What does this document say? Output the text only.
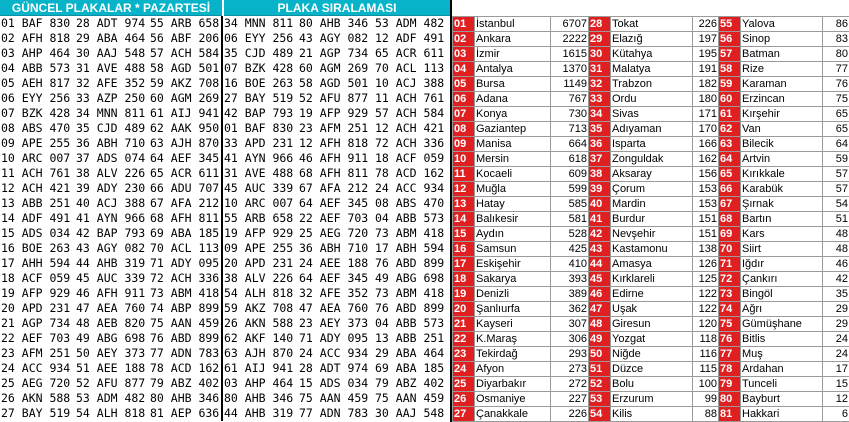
GÜNCEL PLAKALAR * PAZARTESİ	PLAKA SIRALAMASI
01 BAF 830	28 ADT 974	55 ARB 658	34 MNN 811	80 AHB 346	53 ADM 482
02 AFH 818	29 ABA 464	56 ABF 206	06 EYY 256	43 AGY 082	12 ADF 491
03 AHP 464	30 AAJ 548	57 ACH 584	35 CJD 489	21 AGP 734	65 ACR 611
04 ABB 573	31 AVE 488	58 AGD 501	07 BZK 428	60 AGM 269	70 ACL 113
05 AEH 817	32 AFE 352	59 AKZ 708	16 BOE 263	58 AGD 501	10 ACJ 388
06 EYY 256	33 AZP 250	60 AGM 269	27 BAY 519	52 AFU 877	11 ACH 761
07 BZK 428	34 MNN 811	61 AIJ 941	42 BAP 793	19 AFP 929	57 ACH 584
08 ABS 470	35 CJD 489	62 AAK 950	01 BAF 830	23 AFM 251	12 ACH 421
09 APE 255	36 ABH 710	63 AJH 870	33 APD 231	12 AFH 818	72 ACH 336
10 ARC 007	37 ADS 074	64 AEF 345	41 AYN 966	46 AFH 911	18 ACF 059
11 ACH 761	38 ALV 226	65 ACR 611	31 AVE 488	68 AFH 811	78 ACD 162
12 ACH 421	39 ADY 230	66 ADU 707	45 AUC 339	67 AFA 212	24 ACC 934
13 ABB 251	40 ACJ 388	67 AFA 212	10 ARC 007	64 AEF 345	08 ABS 470
14 ADF 491	41 AYN 966	68 AFH 811	55 ARB 658	22 AEF 703	04 ABB 573
15 ADS 034	42 BAP 793	69 ABA 185	19 AFP 929	25 AEG 720	73 ABM 418
16 BOE 263	43 AGY 082	70 ACL 113	09 APE 255	36 ABH 710	17 ABH 594
17 AHH 594	44 AHB 319	71 ADY 095	20 APD 231	24 AEE 188	76 ABD 899
18 ACF 059	45 AUC 339	72 ACH 336	38 ALV 226	64 AEF 345	49 ABG 698
19 AFP 929	46 AFH 911	73 ABM 418	54 ALH 818	32 AFE 352	73 ABM 418
20 APD 231	47 AEA 760	74 ABP 899	59 AKZ 708	47 AEA 760	76 ABD 899
21 AGP 734	48 AEB 820	75 AAN 459	26 AKN 588	23 AEY 373	04 ABB 573
22 AEF 703	49 ABG 698	76 ABD 899	62 AKF 140	71 ADY 095	13 ABB 251
23 AFM 251	50 AEY 373	77 ADN 783	63 AJH 870	24 ACC 934	29 ABA 464
24 ACC 934	51 AEE 188	78 ACD 162	61 AIJ 941	28 ADT 974	69 ABA 185
25 AEG 720	52 AFU 877	79 ABZ 402	03 AHP 464	15 ADS 034	79 ABZ 402
26 AKN 588	53 ADM 482	80 AHB 346	80 AHB 346	75 AAN 459	75 AAN 459
27 BAY 519	54 ALH 818	81 AEP 636	44 AHB 319	77 ADN 783	30 AAJ 548
01	İstanbul	6707	28	Tokat	226	55	Yalova	86
02	Ankara	2222	29	Elazığ	197	56	Sinop	83
03	İzmir	1615	30	Kütahya	195	57	Batman	80
04	Antalya	1370	31	Malatya	191	58	Rize	77
05	Bursa	1149	32	Trabzon	182	59	Karaman	76
06	Adana	767	33	Ordu	180	60	Erzincan	75
07	Konya	730	34	Sivas	171	61	Kırşehir	65
08	Gaziantep	713	35	Adıyaman	170	62	Van	65
09	Manisa	664	36	Isparta	166	63	Bilecik	64
10	Mersin	618	37	Zonguldak	162	64	Artvin	59
11	Kocaeli	609	38	Aksaray	156	65	Kırıkkale	57
12	Muğla	599	39	Çorum	153	66	Karabük	57
13	Hatay	585	40	Mardin	153	67	Şırnak	54
14	Balıkesir	581	41	Burdur	151	68	Bartın	51
15	Aydın	528	42	Nevşehir	151	69	Kars	48
16	Samsun	425	43	Kastamonu	138	70	Siirt	48
17	Eskişehir	410	44	Amasya	126	71	Iğdır	46
18	Sakarya	393	45	Kırklareli	125	72	Çankırı	42
19	Denizli	389	46	Edirne	122	73	Bingöl	35
20	Şanlıurfa	362	47	Uşak	122	74	Ağrı	29
21	Kayseri	307	48	Giresun	120	75	Gümüşhane	29
22	K.Maraş	306	49	Yozgat	118	76	Bitlis	24
23	Tekirdağ	293	50	Niğde	116	77	Muş	24
24	Afyon	273	51	Düzce	115	78	Ardahan	17
25	Diyarbakır	272	52	Bolu	100	79	Tunceli	15
26	Osmaniye	227	53	Erzurum	99	80	Bayburt	12
27	Çanakkale	226	54	Kilis	88	81	Hakkari	6
